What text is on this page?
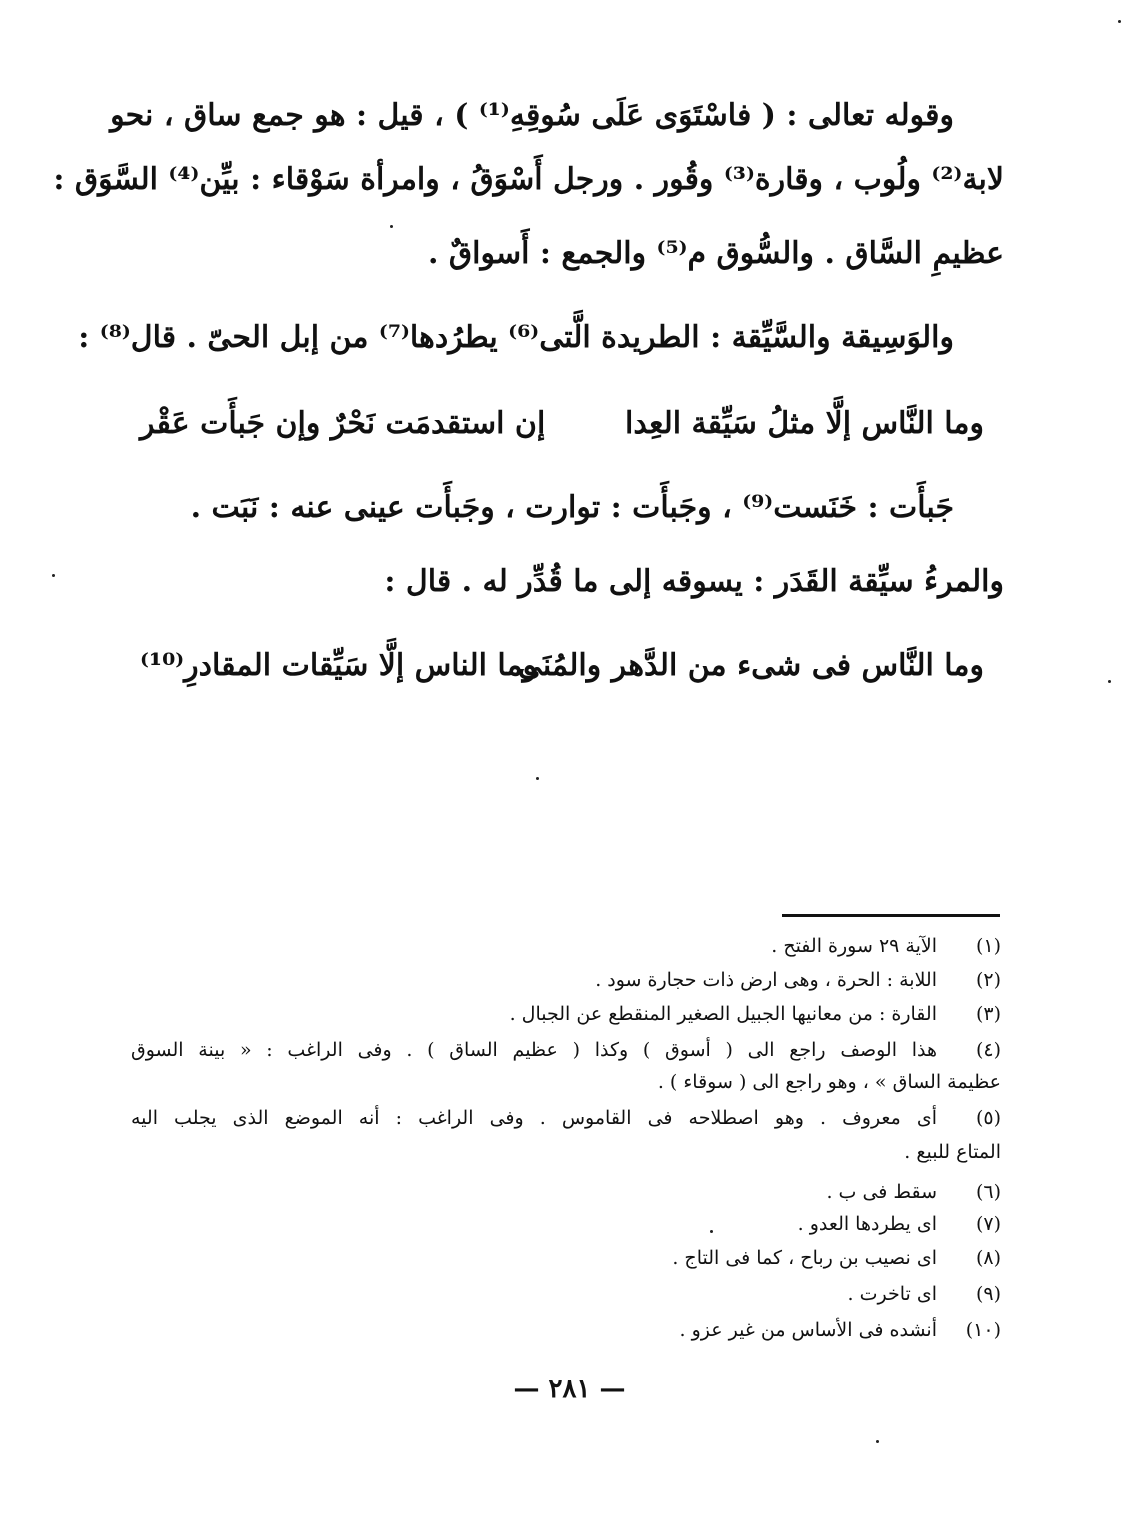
وقوله تعالى : ( فاسْتَوَى عَلَى سُوقِهِ⁽¹⁾ ) ، قيل : هو جمع ساق ، نحو
لابة⁽²⁾ ولُوب ، وقارة⁽³⁾ وقُور . ورجل أَسْوَقُ ، وامرأة سَوْقاء : بيِّن⁽⁴⁾ السَّوَق :
عظيمِ السَّاق . والسُّوق م⁽⁵⁾ والجمع : أَسواقٌ .
والوَسِيقة والسَّيِّقة : الطريدة الَّتى⁽⁶⁾ يطرُدها⁽⁷⁾ من إبل الحىّ . قال⁽⁸⁾ :
وما النَّاس إلَّا مثلُ سَيِّقة العِدا
إن استقدمَت نَحْرٌ وإن جَبأَت عَقْر
جَبأَت : خَنَست⁽⁹⁾ ، وجَبأَت : توارت ، وجَبأَت عينى عنه : نَبَت .
والمرءُ سيِّقة القَدَر : يسوقه إلى ما قُدِّر له . قال :
وما النَّاس فى شىء من الدَّهر والمُنَى
وما الناس إلَّا سَيِّقات المقادرِ⁽¹⁰⁾
(١)الآية ٢٩ سورة الفتح .
(٢)اللابة : الحرة ، وهى ارض ذات حجارة سود .
(٣)القارة : من معانيها الجبيل الصغير المنقطع عن الجبال .
(٤)هذا الوصف راجع الى ( أسوق ) وكذا ( عظيم الساق ) . وفى الراغب : « بينة السوق
عظيمة الساق » ، وهو راجع الى ( سوقاء ) .
(٥)أى معروف . وهو اصطلاحه فى القاموس . وفى الراغب : أنه الموضع الذى يجلب اليه
المتاع للبيع .
(٦)سقط فى ب .
(٧)اى يطردها العدو .
(٨)اى نصيب بن رباح ، كما فى التاج .
(٩)اى تاخرت .
(١٠)أنشده فى الأساس من غير عزو .
— ٢٨١ —
